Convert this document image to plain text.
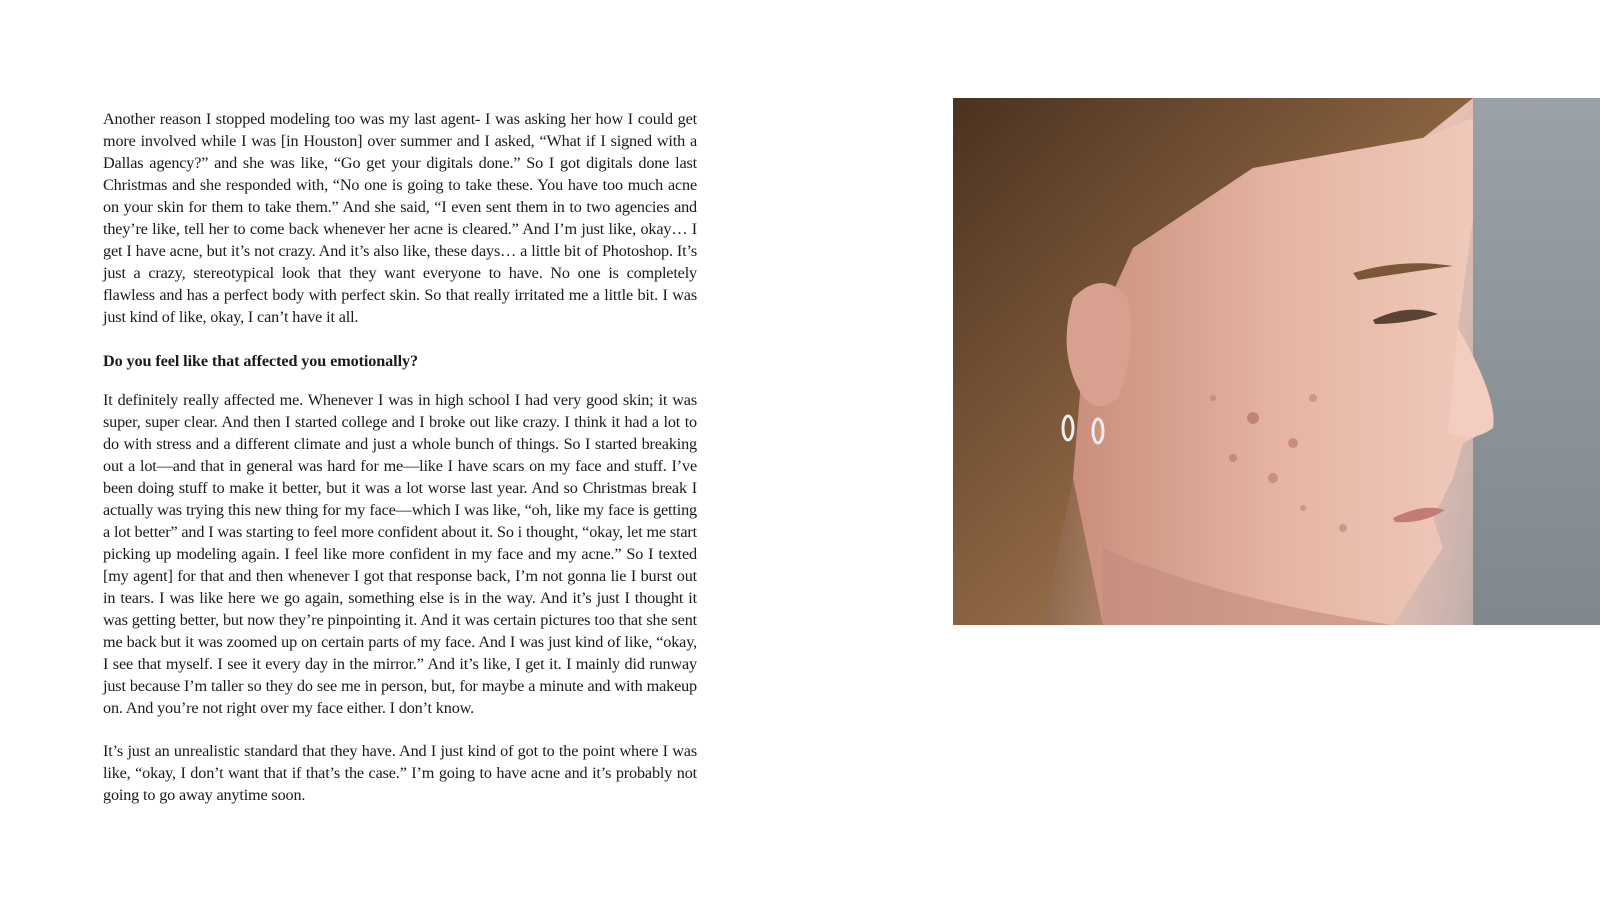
Another reason I stopped modeling too was my last agent- I was asking her how I could get more involved while I was [in Houston] over summer and I asked, “What if I signed with a Dallas agency?” and she was like, “Go get your digitals done.” So I got digitals done last Christmas and she responded with, “No one is going to take these. You have too much acne on your skin for them to take them.” And she said, “I even sent them in to two agencies and they’re like, tell her to come back whenever her acne is cleared.” And I’m just like, okay… I get I have acne, but it’s not crazy. And it’s also like, these days… a little bit of Photoshop. It’s just a crazy, stereotypical look that they want everyone to have. No one is completely flawless and has a perfect body with perfect skin. So that really irritated me a little bit. I was just kind of like, okay, I can’t have it all.

Do you feel like that affected you emotionally?

It definitely really affected me. Whenever I was in high school I had very good skin; it was super, super clear. And then I started college and I broke out like crazy. I think it had a lot to do with stress and a different climate and just a whole bunch of things. So I started breaking out a lot—and that in general was hard for me—like I have scars on my face and stuff. I’ve been doing stuff to make it better, but it was a lot worse last year. And so Christmas break I actually was trying this new thing for my face—which I was like, “oh, like my face is getting a lot better” and I was starting to feel more confident about it. So i thought, “okay, let me start picking up modeling again. I feel like more confident in my face and my acne.” So I texted [my agent] for that and then whenever I got that response back, I’m not gonna lie I burst out in tears. I was like here we go again, something else is in the way. And it’s just I thought it was getting better, but now they’re pinpointing it. And it was certain pictures too that she sent me back but it was zoomed up on certain parts of my face. And I was just kind of like, “okay, I see that myself. I see it every day in the mirror.” And it’s like, I get it. I mainly did runway just because I’m taller so they do see me in person, but, for maybe a minute and with makeup on. And you’re not right over my face either. I don’t know.

It’s just an unrealistic standard that they have. And I just kind of got to the point where I was like, “okay, I don’t want that if that’s the case.” I’m going to have acne and it’s probably not going to go away anytime soon.
